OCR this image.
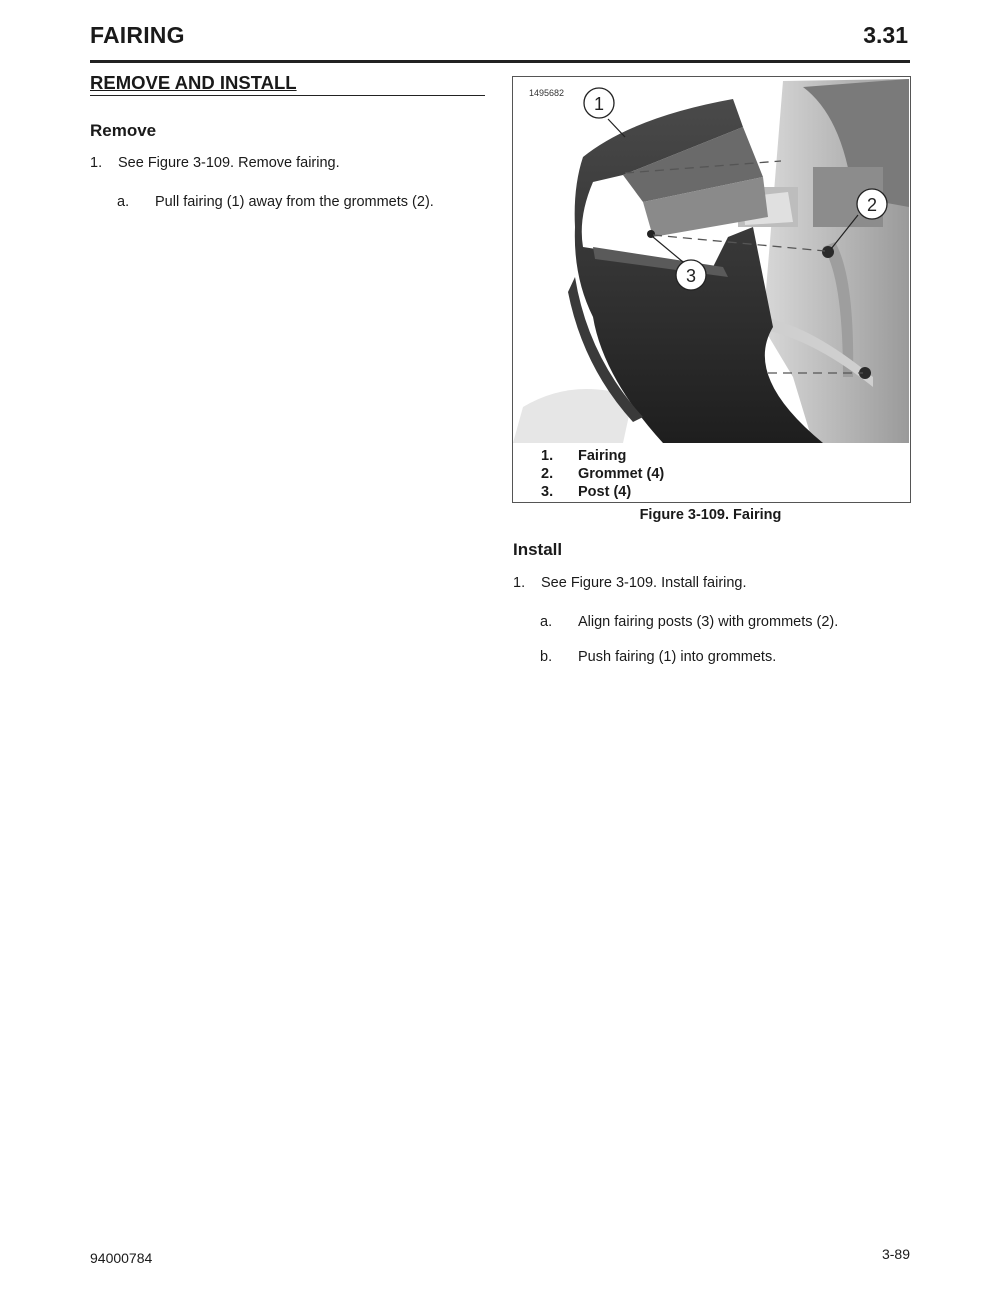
FAIRING	3.31
REMOVE AND INSTALL
Remove
1. See Figure 3-109. Remove fairing.
a. Pull fairing (1) away from the grommets (2).
1495682
1
2
3
1. Fairing
2. Grommet (4)
3. Post (4)
Figure 3-109. Fairing
Install
1. See Figure 3-109. Install fairing.
a. Align fairing posts (3) with grommets (2).
b. Push fairing (1) into grommets.
94000784	3-89
